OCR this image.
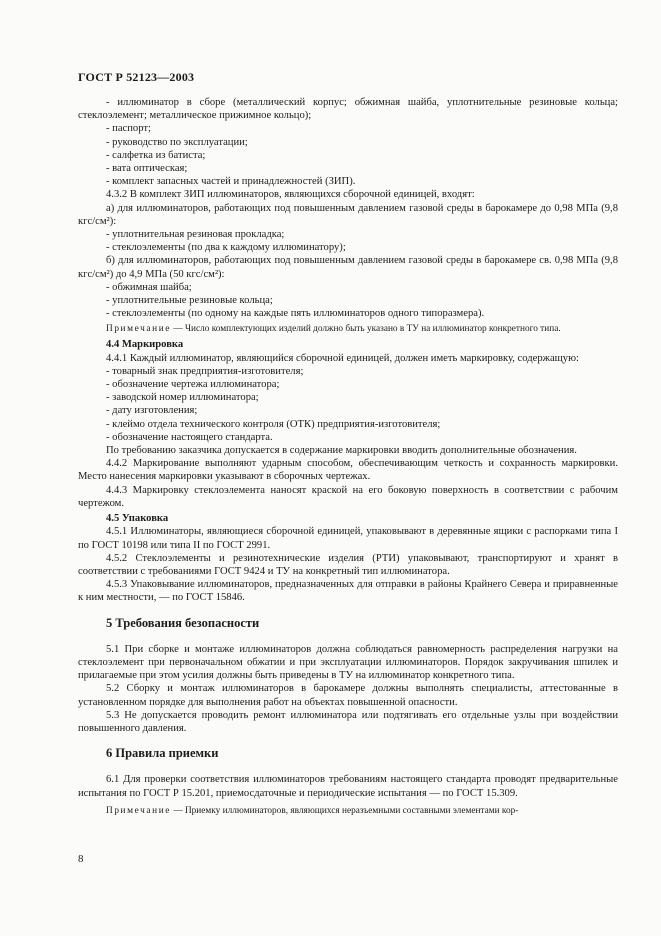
ГОСТ Р 52123—2003

- иллюминатор в сборе (металлический корпус; обжимная шайба, уплотнительные резиновые кольца; стеклоэлемент; металлическое прижимное кольцо);

- паспорт;

- руководство по эксплуатации;

- салфетка из батиста;

- вата оптическая;

- комплект запасных частей и принадлежностей (ЗИП).

4.3.2 В комплект ЗИП иллюминаторов, являющихся сборочной единицей, входят:

а) для иллюминаторов, работающих под повышенным давлением газовой среды в барокамере до 0,98 МПа (9,8 кгс/см²):

- уплотнительная резиновая прокладка;

- стеклоэлементы (по два к каждому иллюминатору);

б) для иллюминаторов, работающих под повышенным давлением газовой среды в барокамере св. 0,98 МПа (9,8 кгс/см²) до 4,9 МПа (50 кгс/см²):

- обжимная шайба;

- уплотнительные резиновые кольца;

- стеклоэлементы (по одному на каждые пять иллюминаторов одного типоразмера).

Примечание — Число комплектующих изделий должно быть указано в ТУ на иллюминатор конкретного типа.

4.4 Маркировка

4.4.1 Каждый иллюминатор, являющийся сборочной единицей, должен иметь маркировку, содержащую:

- товарный знак предприятия-изготовителя;

- обозначение чертежа иллюминатора;

- заводской номер иллюминатора;

- дату изготовления;

- клеймо отдела технического контроля (ОТК) предприятия-изготовителя;

- обозначение настоящего стандарта.

По требованию заказчика допускается в содержание маркировки вводить дополнительные обозначения.

4.4.2 Маркирование выполняют ударным способом, обеспечивающим четкость и сохранность маркировки. Место нанесения маркировки указывают в сборочных чертежах.

4.4.3 Маркировку стеклоэлемента наносят краской на его боковую поверхность в соответствии с рабочим чертежом.

4.5 Упаковка

4.5.1 Иллюминаторы, являющиеся сборочной единицей, упаковывают в деревянные ящики с распорками типа I по ГОСТ 10198 или типа II по ГОСТ 2991.

4.5.2 Стеклоэлементы и резинотехнические изделия (РТИ) упаковывают, транспортируют и хранят в соответствии с требованиями ГОСТ 9424 и ТУ на конкретный тип иллюминатора.

4.5.3 Упаковывание иллюминаторов, предназначенных для отправки в районы Крайнего Севера и приравненные к ним местности, — по ГОСТ 15846.

5 Требования безопасности

5.1 При сборке и монтаже иллюминаторов должна соблюдаться равномерность распределения нагрузки на стеклоэлемент при первоначальном обжатии и при эксплуатации иллюминаторов. Порядок закручивания шпилек и прилагаемые при этом усилия должны быть приведены в ТУ на иллюминатор конкретного типа.

5.2 Сборку и монтаж иллюминаторов в барокамере должны выполнять специалисты, аттестованные в установленном порядке для выполнения работ на объектах повышенной опасности.

5.3 Не допускается проводить ремонт иллюминатора или подтягивать его отдельные узлы при воздействии повышенного давления.

6 Правила приемки

6.1 Для проверки соответствия иллюминаторов требованиям настоящего стандарта проводят предварительные испытания по ГОСТ Р 15.201, приемосдаточные и периодические испытания — по ГОСТ 15.309.

Примечание — Приемку иллюминаторов, являющихся неразъемными составными элементами кор-

8
